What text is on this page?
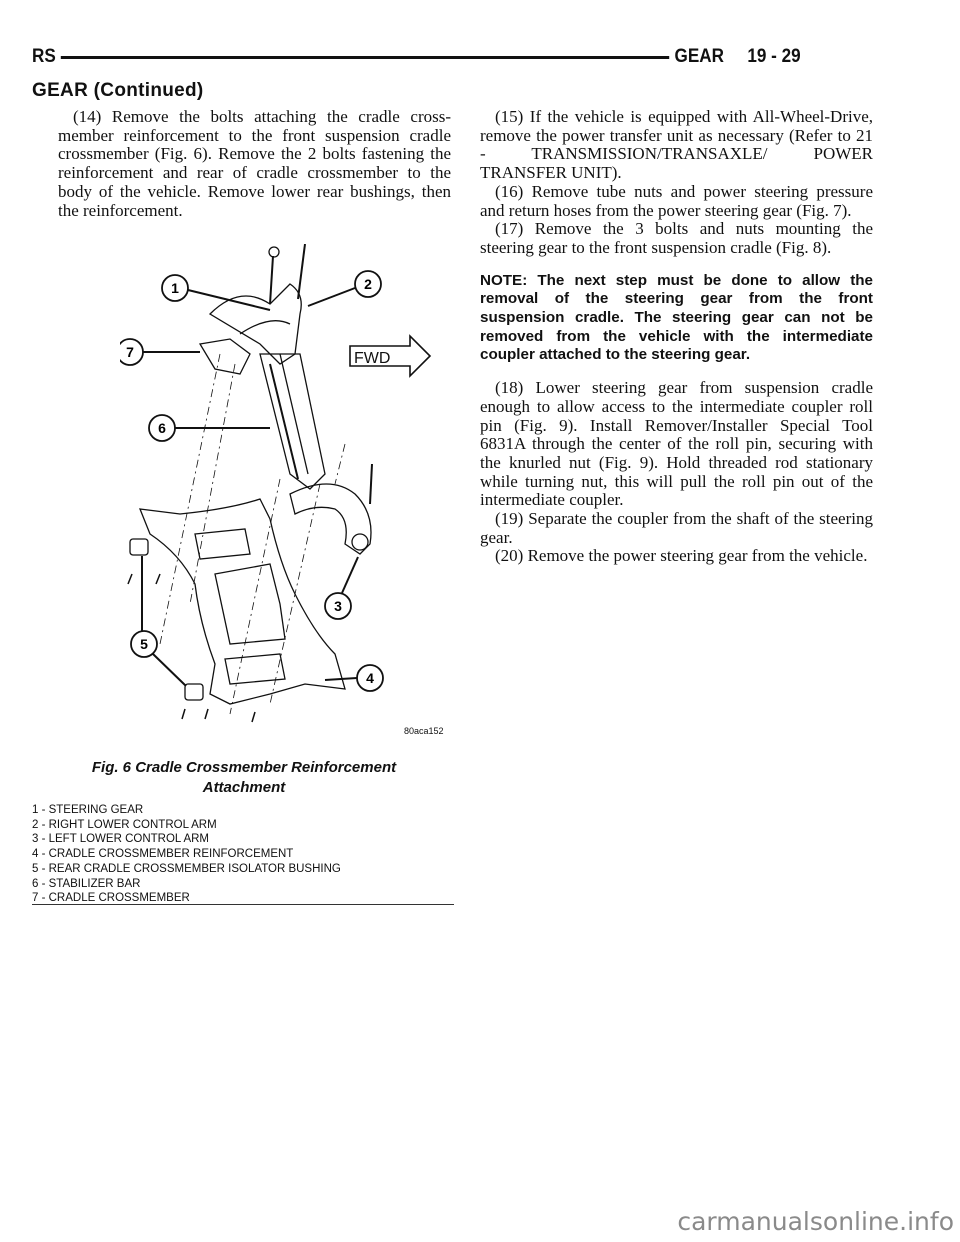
RS	GEAR 19 - 29
GEAR (Continued)

(14) Remove the bolts attaching the cradle cross-member reinforcement to the front suspension cradle crossmember (Fig. 6). Remove the 2 bolts fastening the reinforcement and rear of cradle crossmember to the body of the vehicle. Remove lower rear bushings, then the reinforcement.

FWD
1	2
7
6
3
4
5
80aca152
Fig. 6 Cradle Crossmember Reinforcement
Attachment
1 - STEERING GEAR
2 - RIGHT LOWER CONTROL ARM
3 - LEFT LOWER CONTROL ARM
4 - CRADLE CROSSMEMBER REINFORCEMENT
5 - REAR CRADLE CROSSMEMBER ISOLATOR BUSHING
6 - STABILIZER BAR
7 - CRADLE CROSSMEMBER

(15) If the vehicle is equipped with All-Wheel-Drive, remove the power transfer unit as necessary (Refer to 21 - TRANSMISSION/TRANSAXLE/ POWER TRANSFER UNIT).

(16) Remove tube nuts and power steering pressure and return hoses from the power steering gear (Fig. 7).

(17) Remove the 3 bolts and nuts mounting the steering gear to the front suspension cradle (Fig. 8).

NOTE: The next step must be done to allow the removal of the steering gear from the front suspension cradle. The steering gear can not be removed from the vehicle with the intermediate coupler attached to the steering gear.

(18) Lower steering gear from suspension cradle enough to allow access to the intermediate coupler roll pin (Fig. 9). Install Remover/Installer Special Tool 6831A through the center of the roll pin, securing with the knurled nut (Fig. 9). Hold threaded rod stationary while turning nut, this will pull the roll pin out of the intermediate coupler.

(19) Separate the coupler from the shaft of the steering gear.

(20) Remove the power steering gear from the vehicle.

carmanualsonline.info
